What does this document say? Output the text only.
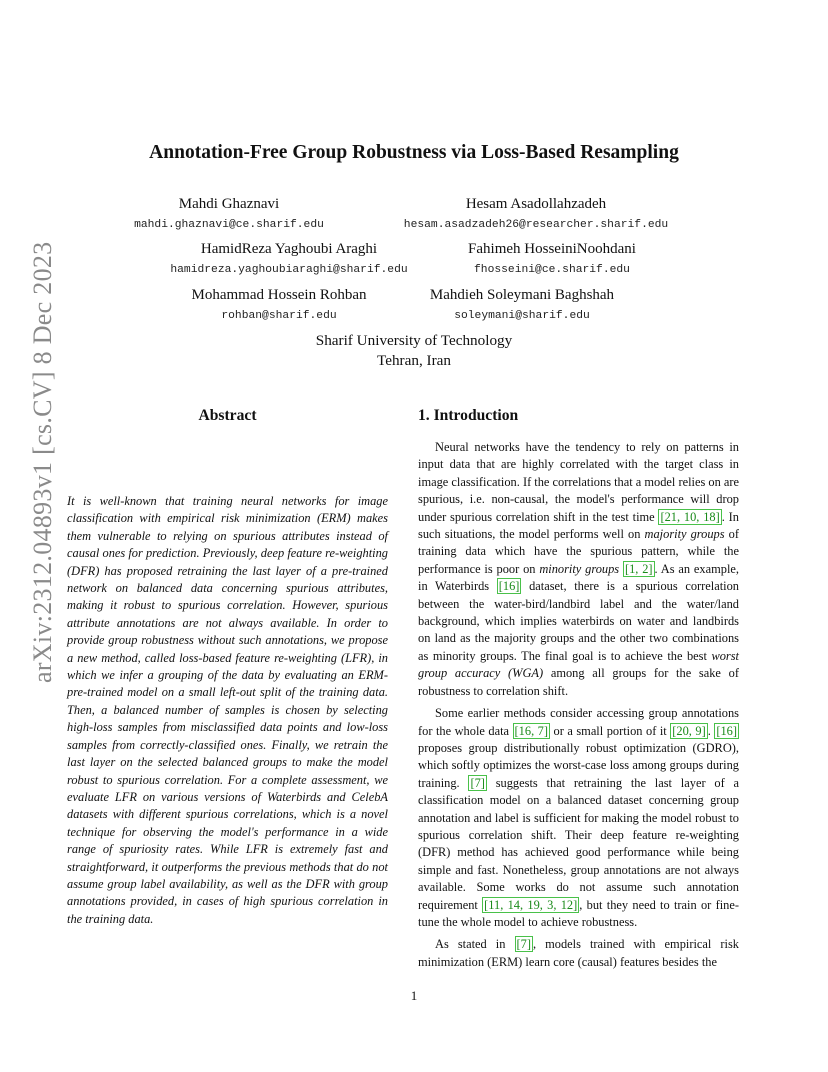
arXiv:2312.04893v1 [cs.CV] 8 Dec 2023
Annotation-Free Group Robustness via Loss-Based Resampling
Mahdi Ghaznavi
mahdi.ghaznavi@ce.sharif.edu
Hesam Asadollahzadeh
hesam.asadzadeh26@researcher.sharif.edu
HamidReza Yaghoubi Araghi
hamidreza.yaghoubiaraghi@sharif.edu
Fahimeh HosseiniNoohdani
fhosseini@ce.sharif.edu
Mohammad Hossein Rohban
rohban@sharif.edu
Mahdieh Soleymani Baghshah
soleymani@sharif.edu
Sharif University of Technology
Tehran, Iran
Abstract
It is well-known that training neural networks for image classification with empirical risk minimization (ERM) makes them vulnerable to relying on spurious attributes instead of causal ones for prediction. Previously, deep feature re-weighting (DFR) has proposed retraining the last layer of a pre-trained network on balanced data concerning spurious attributes, making it robust to spurious correlation. However, spurious attribute annotations are not always available. In order to provide group robustness without such annotations, we propose a new method, called loss-based feature re-weighting (LFR), in which we infer a grouping of the data by evaluating an ERM-pre-trained model on a small left-out split of the training data. Then, a balanced number of samples is chosen by selecting high-loss samples from misclassified data points and low-loss samples from correctly-classified ones. Finally, we retrain the last layer on the selected balanced groups to make the model robust to spurious correlation. For a complete assessment, we evaluate LFR on various versions of Waterbirds and CelebA datasets with different spurious correlations, which is a novel technique for observing the model's performance in a wide range of spuriosity rates. While LFR is extremely fast and straightforward, it outperforms the previous methods that do not assume group label availability, as well as the DFR with group annotations provided, in cases of high spurious correlation in the training data.
1. Introduction

Neural networks have the tendency to rely on patterns in input data that are highly correlated with the target class in image classification. If the correlations that a model relies on are spurious, i.e. non-causal, the model's performance will drop under spurious correlation shift in the test time [21, 10, 18] . In such situations, the model performs well on majority groups of training data which have the spurious pattern, while the performance is poor on minority groups [1, 2] . As an example, in Waterbirds [16] dataset, there is a spurious correlation between the water-bird/landbird label and the water/land background, which implies waterbirds on water and landbirds on land as the majority groups and the other two combinations as minority groups. The final goal is to achieve the best worst group accuracy (WGA) among all groups for the sake of robustness to correlation shift.

Some earlier methods consider accessing group annotations for the whole data [16, 7] or a small portion of it [20, 9] . [16] proposes group distributionally robust optimization (GDRO), which softly optimizes the worst-case loss among groups during training. [7] suggests that retraining the last layer of a classification model on a balanced dataset concerning group annotation and label is sufficient for making the model robust to spurious correlation shift. Their deep feature re-weighting (DFR) method has achieved good performance while being simple and fast. Nonetheless, group annotations are not always available. Some works do not assume such annotation requirement [11, 14, 19, 3, 12] , but they need to train or fine-tune the whole model to achieve robustness.

As stated in [7] , models trained with empirical risk minimization (ERM) learn core (causal) features besides the

1
